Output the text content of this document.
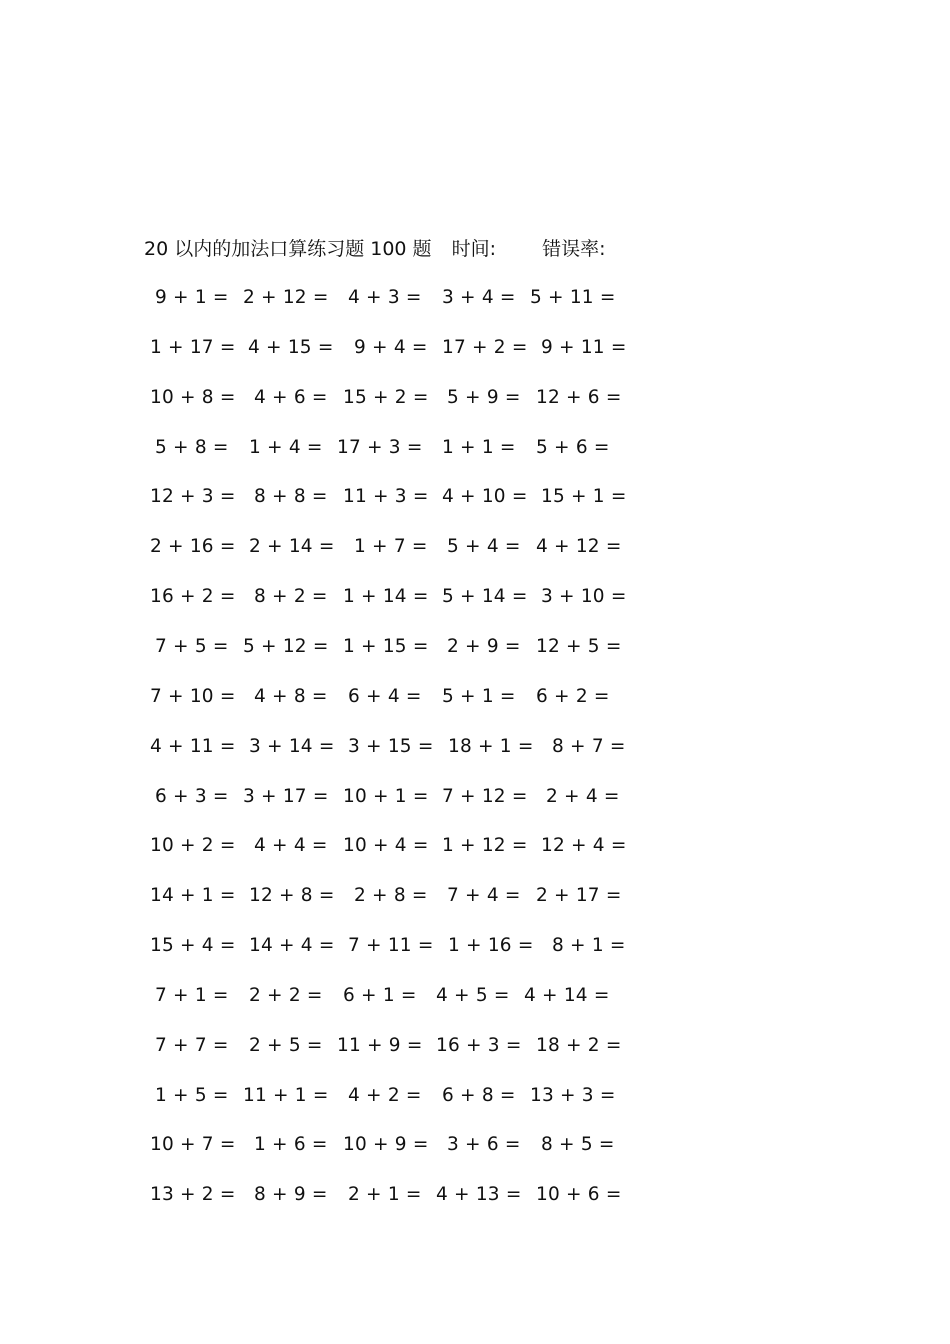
20 以内的加法口算练习题 100 题 时间: 错误率:
9 + 1 = 2 + 12 = 4 + 3 = 3 + 4 = 5 + 11 =
1 + 17 = 4 + 15 = 9 + 4 = 17 + 2 = 9 + 11 =
10 + 8 = 4 + 6 = 15 + 2 = 5 + 9 = 12 + 6 =
5 + 8 = 1 + 4 = 17 + 3 = 1 + 1 = 5 + 6 =
12 + 3 = 8 + 8 = 11 + 3 = 4 + 10 = 15 + 1 =
2 + 16 = 2 + 14 = 1 + 7 = 5 + 4 = 4 + 12 =
16 + 2 = 8 + 2 = 1 + 14 = 5 + 14 = 3 + 10 =
7 + 5 = 5 + 12 = 1 + 15 = 2 + 9 = 12 + 5 =
7 + 10 = 4 + 8 = 6 + 4 = 5 + 1 = 6 + 2 =
4 + 11 = 3 + 14 = 3 + 15 = 18 + 1 = 8 + 7 =
6 + 3 = 3 + 17 = 10 + 1 = 7 + 12 = 2 + 4 =
10 + 2 = 4 + 4 = 10 + 4 = 1 + 12 = 12 + 4 =
14 + 1 = 12 + 8 = 2 + 8 = 7 + 4 = 2 + 17 =
15 + 4 = 14 + 4 = 7 + 11 = 1 + 16 = 8 + 1 =
7 + 1 = 2 + 2 = 6 + 1 = 4 + 5 = 4 + 14 =
7 + 7 = 2 + 5 = 11 + 9 = 16 + 3 = 18 + 2 =
1 + 5 = 11 + 1 = 4 + 2 = 6 + 8 = 13 + 3 =
10 + 7 = 1 + 6 = 10 + 9 = 3 + 6 = 8 + 5 =
13 + 2 = 8 + 9 = 2 + 1 = 4 + 13 = 10 + 6 =
